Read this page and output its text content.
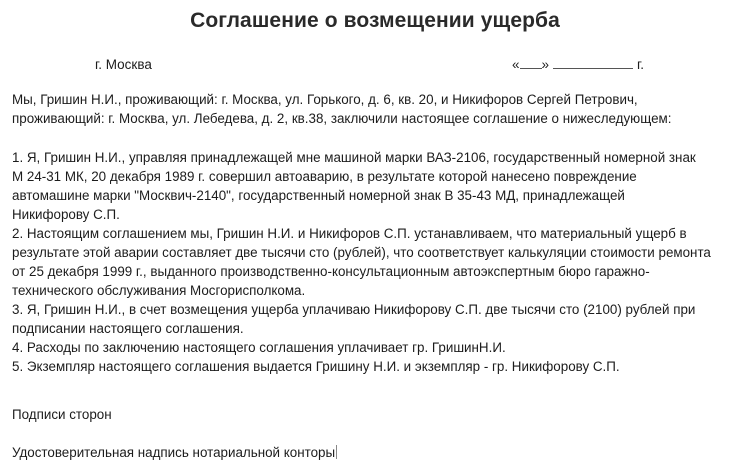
Соглашение о возмещении ущерба
г. Москва	« »	г.
Мы, Гришин Н.И., проживающий: г. Москва, ул. Горького, д. 6, кв. 20, и Никифоров Сергей Петрович,
проживающий: г. Москва, ул. Лебедева, д. 2, кв.38, заключили настоящее соглашение о нижеследующем:
1. Я, Гришин Н.И., управляя принадлежащей мне машиной марки ВАЗ-2106, государственный номерной знак
М 24-31 МК, 20 декабря 1989 г. совершил автоаварию, в результате которой нанесено повреждение
автомашине марки "Москвич-2140", государственный номерной знак В 35-43 МД, принадлежащей
Никифорову С.П.
2. Настоящим соглашением мы, Гришин Н.И. и Никифоров С.П. устанавливаем, что материальный ущерб в
результате этой аварии составляет две тысячи сто (рублей), что соответствует калькуляции стоимости ремонта
от 25 декабря 1999 г., выданного производственно-консультационным автоэкспертным бюро гаражно-
технического обслуживания Мосгорисполкома.
3. Я, Гришин Н.И., в счет возмещения ущерба уплачиваю Никифорову С.П. две тысячи сто (2100) рублей при
подписании настоящего соглашения.
4. Расходы по заключению настоящего соглашения уплачивает гр. ГришинН.И.
5. Экземпляр настоящего соглашения выдается Гришину Н.И. и экземпляр - гр. Никифорову С.П.
Подписи сторон
Удостоверительная надпись нотариальной конторы
